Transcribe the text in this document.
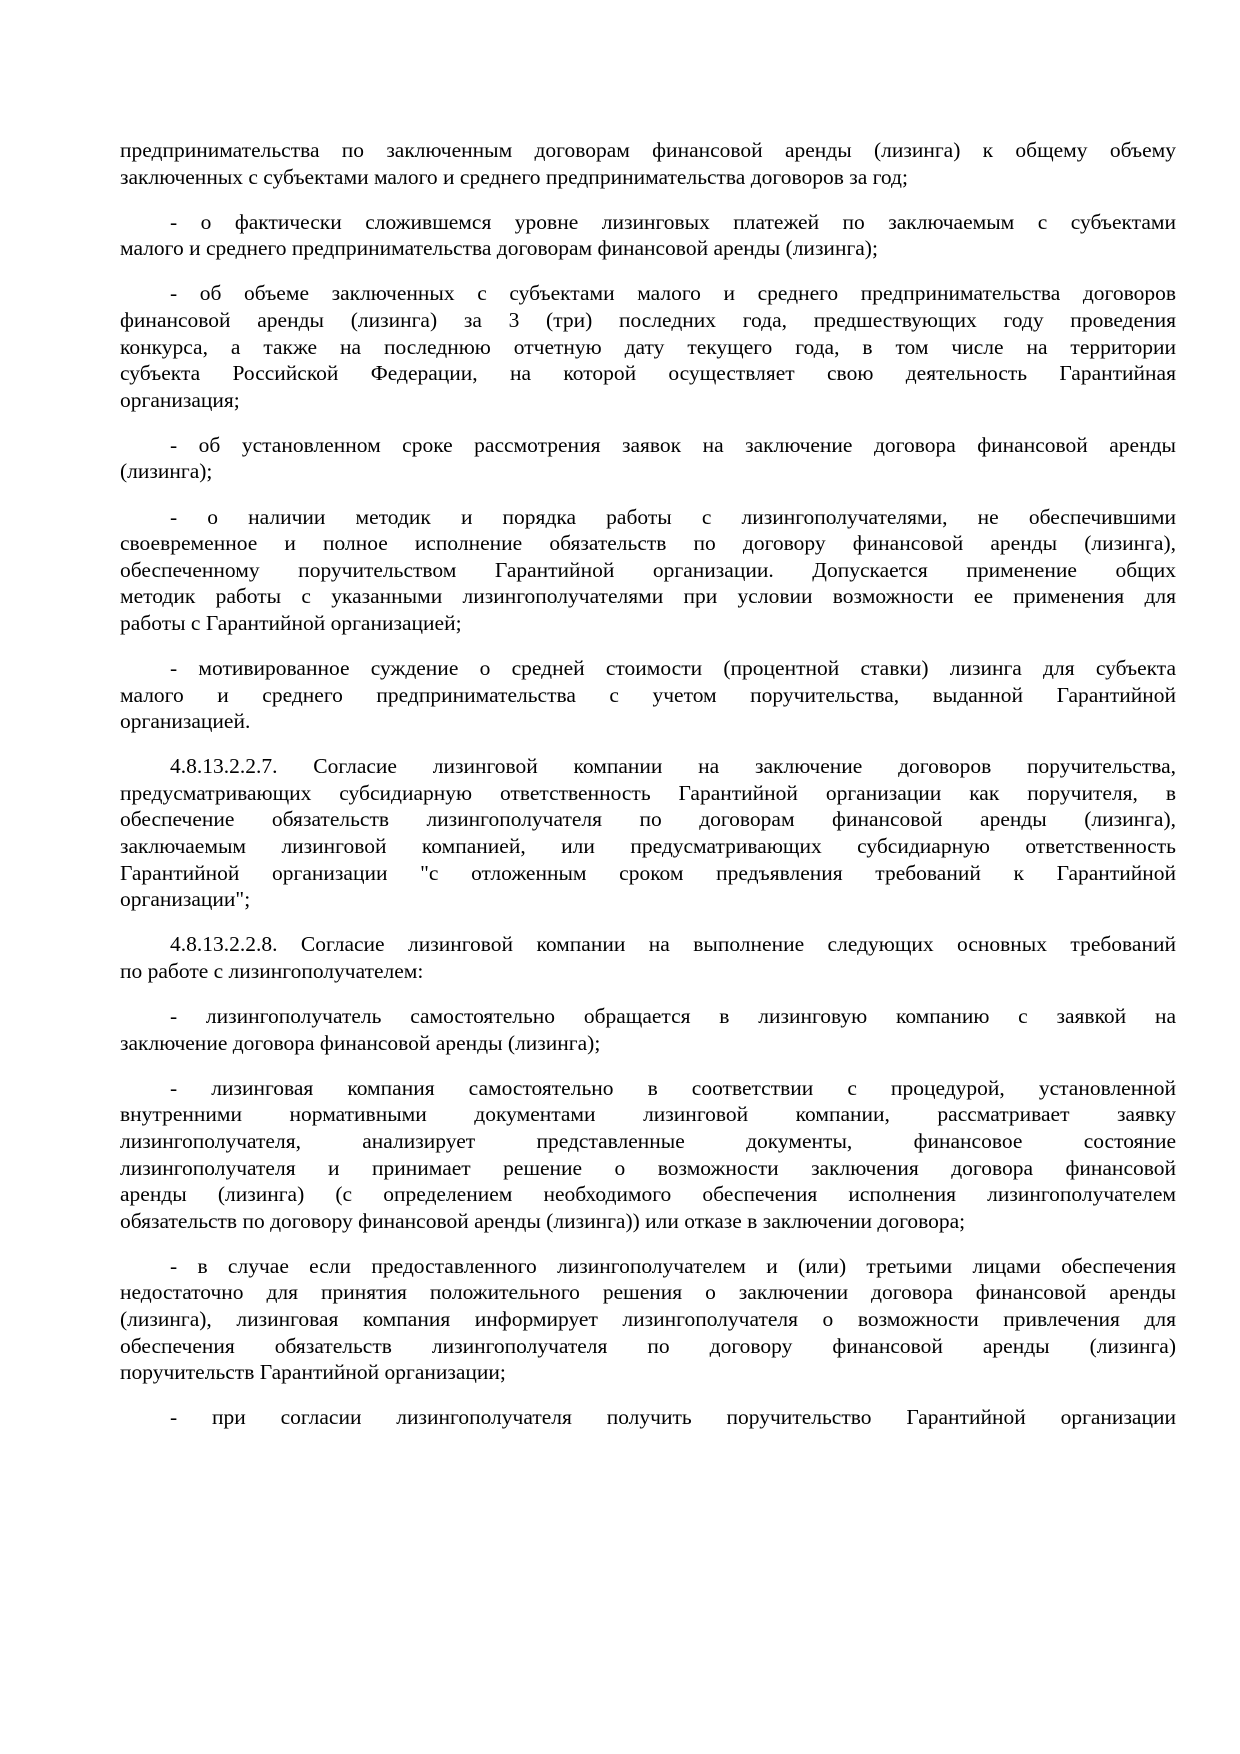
предпринимательства по заключенным договорам финансовой аренды (лизинга) к общему объему
заключенных с субъектами малого и среднего предпринимательства договоров за год;
- о фактически сложившемся уровне лизинговых платежей по заключаемым с субъектами
малого и среднего предпринимательства договорам финансовой аренды (лизинга);
- об объеме заключенных с субъектами малого и среднего предпринимательства договоров
финансовой аренды (лизинга) за 3 (три) последних года, предшествующих году проведения
конкурса, а также на последнюю отчетную дату текущего года, в том числе на территории
субъекта Российской Федерации, на которой осуществляет свою деятельность Гарантийная
организация;
- об установленном сроке рассмотрения заявок на заключение договора финансовой аренды
(лизинга);
- о наличии методик и порядка работы с лизингополучателями, не обеспечившими
своевременное и полное исполнение обязательств по договору финансовой аренды (лизинга),
обеспеченному поручительством Гарантийной организации. Допускается применение общих
методик работы с указанными лизингополучателями при условии возможности ее применения для
работы с Гарантийной организацией;
- мотивированное суждение о средней стоимости (процентной ставки) лизинга для субъекта
малого и среднего предпринимательства с учетом поручительства, выданной Гарантийной
организацией.
4.8.13.2.2.7. Согласие лизинговой компании на заключение договоров поручительства,
предусматривающих субсидиарную ответственность Гарантийной организации как поручителя, в
обеспечение обязательств лизингополучателя по договорам финансовой аренды (лизинга),
заключаемым лизинговой компанией, или предусматривающих субсидиарную ответственность
Гарантийной организации "с отложенным сроком предъявления требований к Гарантийной
организации";
4.8.13.2.2.8. Согласие лизинговой компании на выполнение следующих основных требований
по работе с лизингополучателем:
- лизингополучатель самостоятельно обращается в лизинговую компанию с заявкой на
заключение договора финансовой аренды (лизинга);
- лизинговая компания самостоятельно в соответствии с процедурой, установленной
внутренними нормативными документами лизинговой компании, рассматривает заявку
лизингополучателя, анализирует представленные документы, финансовое состояние
лизингополучателя и принимает решение о возможности заключения договора финансовой
аренды (лизинга) (с определением необходимого обеспечения исполнения лизингополучателем
обязательств по договору финансовой аренды (лизинга)) или отказе в заключении договора;
- в случае если предоставленного лизингополучателем и (или) третьими лицами обеспечения
недостаточно для принятия положительного решения о заключении договора финансовой аренды
(лизинга), лизинговая компания информирует лизингополучателя о возможности привлечения для
обеспечения обязательств лизингополучателя по договору финансовой аренды (лизинга)
поручительств Гарантийной организации;
- при согласии лизингополучателя получить поручительство Гарантийной организации
